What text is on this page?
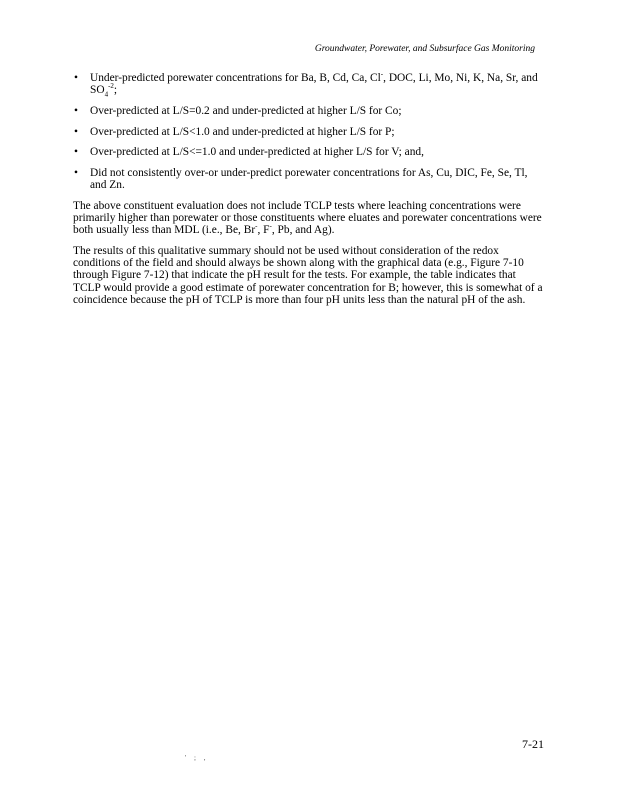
Groundwater, Porewater, and Subsurface Gas Monitoring
• Under-predicted porewater concentrations for Ba, B, Cd, Ca, Cl-, DOC, Li, Mo, Ni, K, Na, Sr, and $SO_4^{-2}$;
• Over-predicted at L/S=0.2 and under-predicted at higher L/S for Co;
• Over-predicted at L/S<1.0 and under-predicted at higher L/S for P;
• Over-predicted at L/S<=1.0 and under-predicted at higher L/S for V; and,
• Did not consistently over-or under-predict porewater concentrations for As, Cu, DIC, Fe, Se, Tl, and Zn.

The above constituent evaluation does not include TCLP tests where leaching concentrations were primarily higher than porewater or those constituents where eluates and porewater concentrations were both usually less than MDL (i.e., Be, Br-, F-, Pb, and Ag).

The results of this qualitative summary should not be used without consideration of the redox conditions of the field and should always be shown along with the graphical data (e.g., Figure 7-10 through Figure 7-12) that indicate the pH result for the tests. For example, the table indicates that TCLP would provide a good estimate of porewater concentration for B; however, this is somewhat of a coincidence because the pH of TCLP is more than four pH units less than the natural pH of the ash.

7-21
' ; ,
